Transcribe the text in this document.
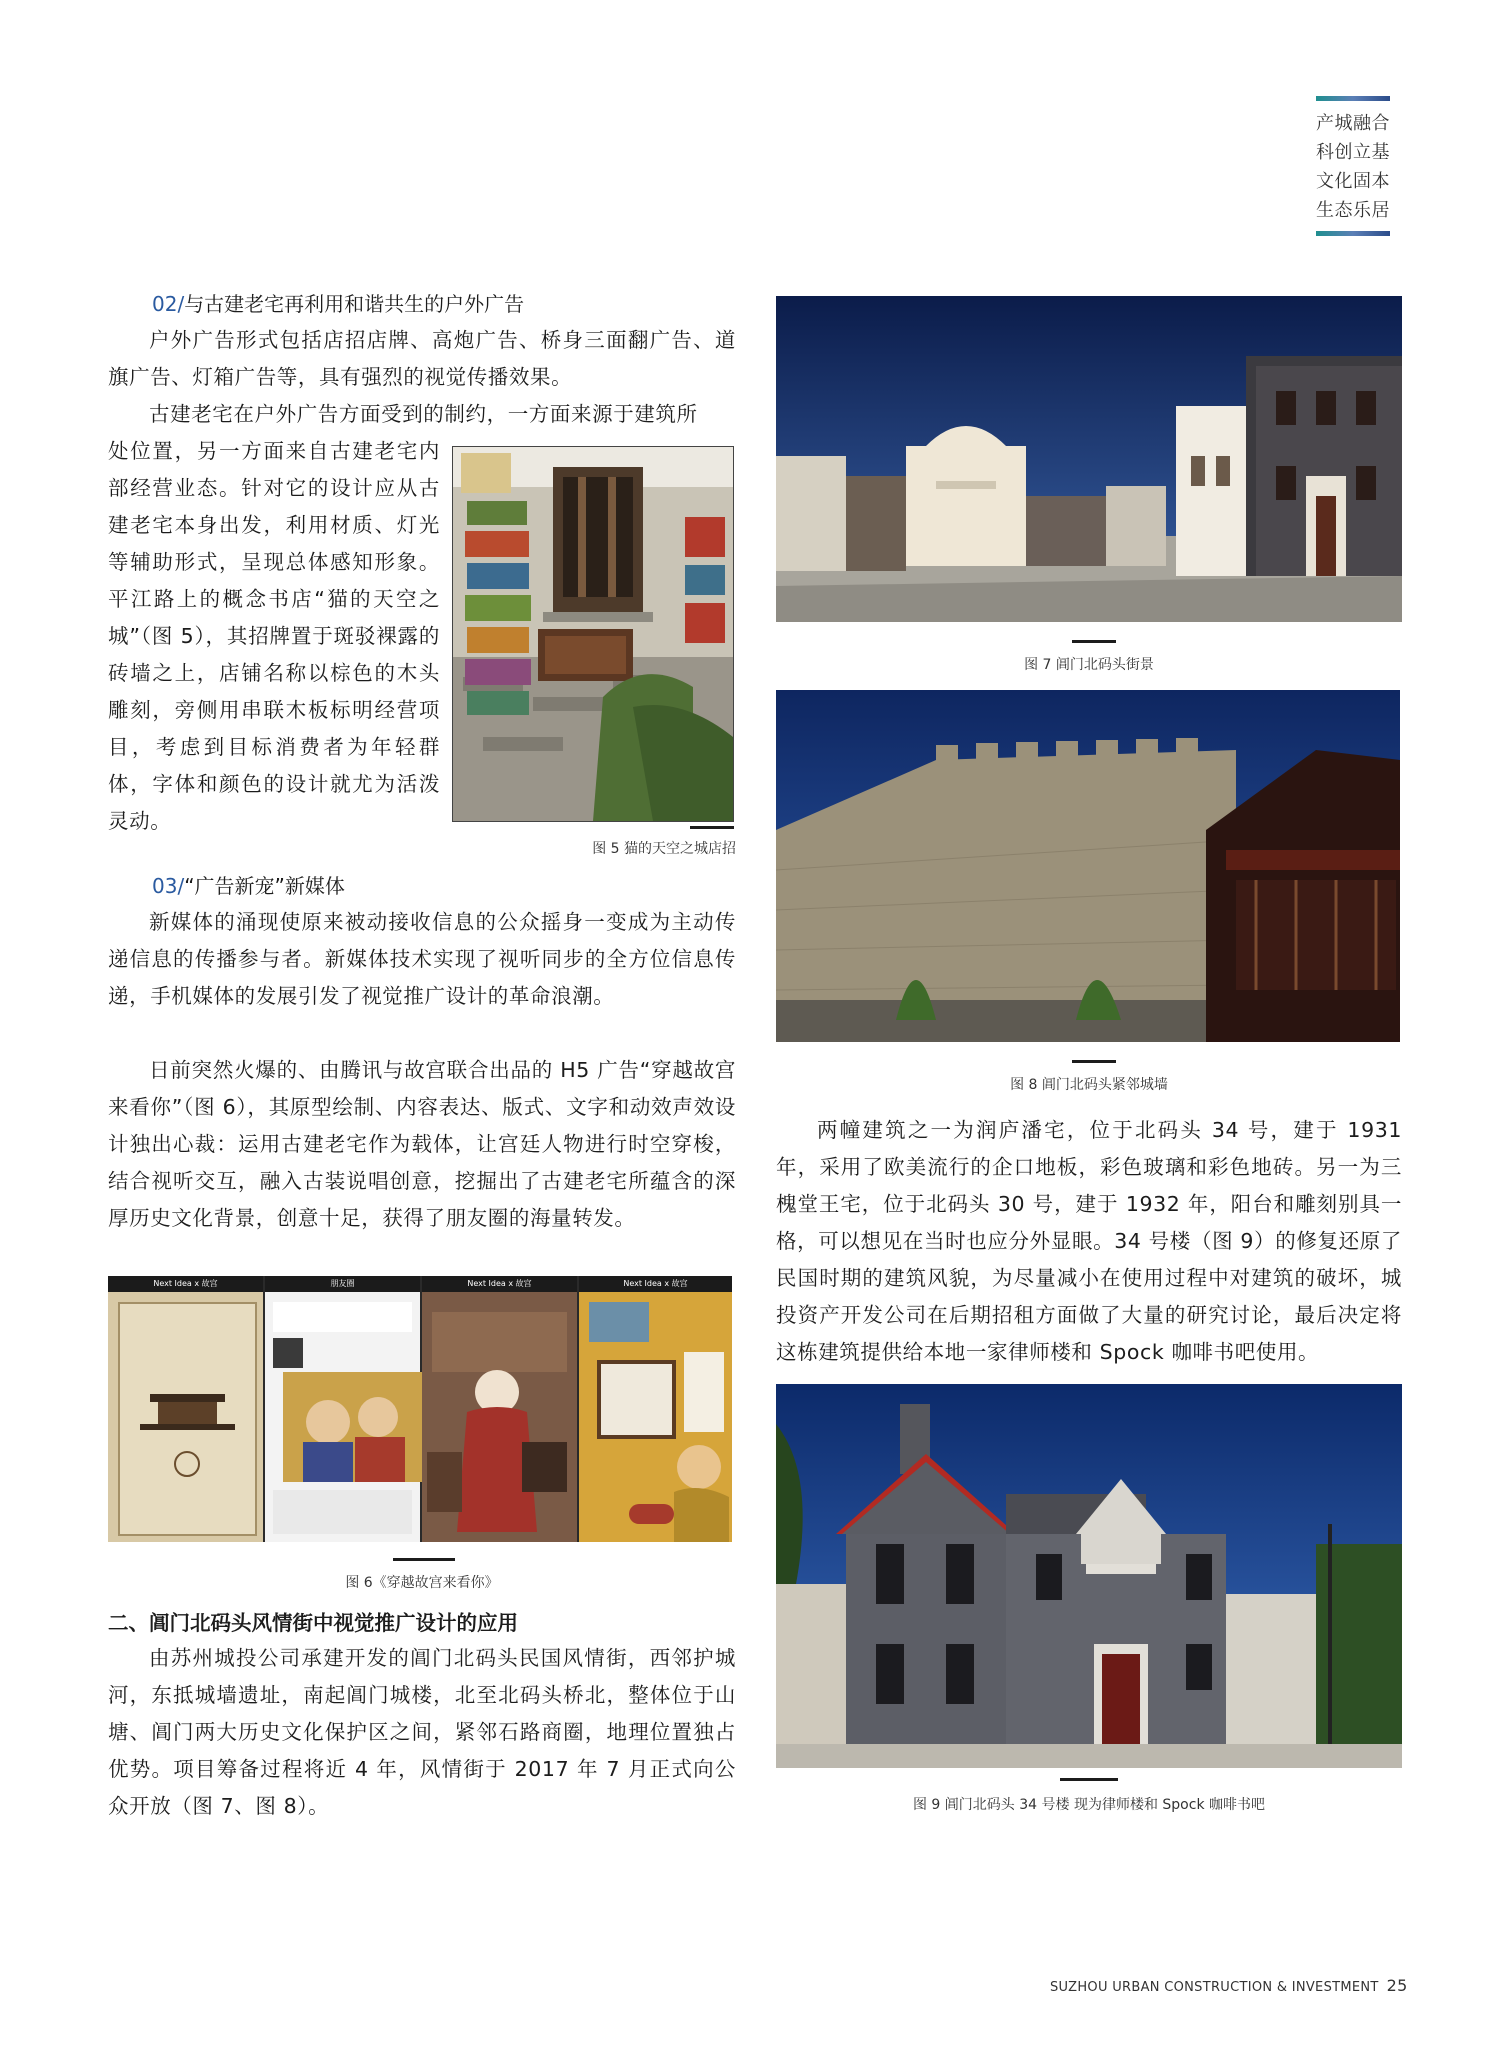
产城融合
科创立基
文化固本
生态乐居
02/与古建老宅再利用和谐共生的户外广告

户外广告形式包括店招店牌、高炮广告、桥身三面翻广告、道旗广告、灯箱广告等，具有强烈的视觉传播效果。

古建老宅在户外广告方面受到的制约，一方面来源于建筑所

处位置，另一方面来自古建老宅内部经营业态。针对它的设计应从古建老宅本身出发，利用材质、灯光等辅助形式，呈现总体感知形象。平江路上的概念书店“猫的天空之城”（图 5），其招牌置于斑驳裸露的砖墙之上，店铺名称以棕色的木头雕刻，旁侧用串联木板标明经营项目，考虑到目标消费者为年轻群体，字体和颜色的设计就尤为活泼灵动。

图 5 猫的天空之城店招
03/“广告新宠”新媒体

新媒体的涌现使原来被动接收信息的公众摇身一变成为主动传递信息的传播参与者。新媒体技术实现了视听同步的全方位信息传递，手机媒体的发展引发了视觉推广设计的革命浪潮。

日前突然火爆的、由腾讯与故宫联合出品的 H5 广告“穿越故宫来看你”（图 6），其原型绘制、内容表达、版式、文字和动效声效设计独出心裁：运用古建老宅作为载体，让宫廷人物进行时空穿梭，结合视听交互，融入古装说唱创意，挖掘出了古建老宅所蕴含的深厚历史文化背景，创意十足，获得了朋友圈的海量转发。

Next Idea x 故宫	朋友圈	Next Idea x 故宫	Next Idea x 故宫
图 6《穿越故宫来看你》
二、阊门北码头风情街中视觉推广设计的应用

由苏州城投公司承建开发的阊门北码头民国风情街，西邻护城河，东抵城墙遗址，南起阊门城楼，北至北码头桥北，整体位于山塘、阊门两大历史文化保护区之间，紧邻石路商圈，地理位置独占优势。项目筹备过程将近 4 年，风情街于 2017 年 7 月正式向公众开放（图 7、图 8）。

图 7 阊门北码头街景
图 8 阊门北码头紧邻城墙

两幢建筑之一为润庐潘宅，位于北码头 34 号，建于 1931 年，采用了欧美流行的企口地板，彩色玻璃和彩色地砖。另一为三槐堂王宅，位于北码头 30 号，建于 1932 年，阳台和雕刻别具一格，可以想见在当时也应分外显眼。34 号楼（图 9）的修复还原了民国时期的建筑风貌，为尽量减小在使用过程中对建筑的破坏，城投资产开发公司在后期招租方面做了大量的研究讨论，最后决定将这栋建筑提供给本地一家律师楼和 Spock 咖啡书吧使用。

图 9 阊门北码头 34 号楼 现为律师楼和 Spock 咖啡书吧
SUZHOU URBAN CONSTRUCTION & INVESTMENT 25
